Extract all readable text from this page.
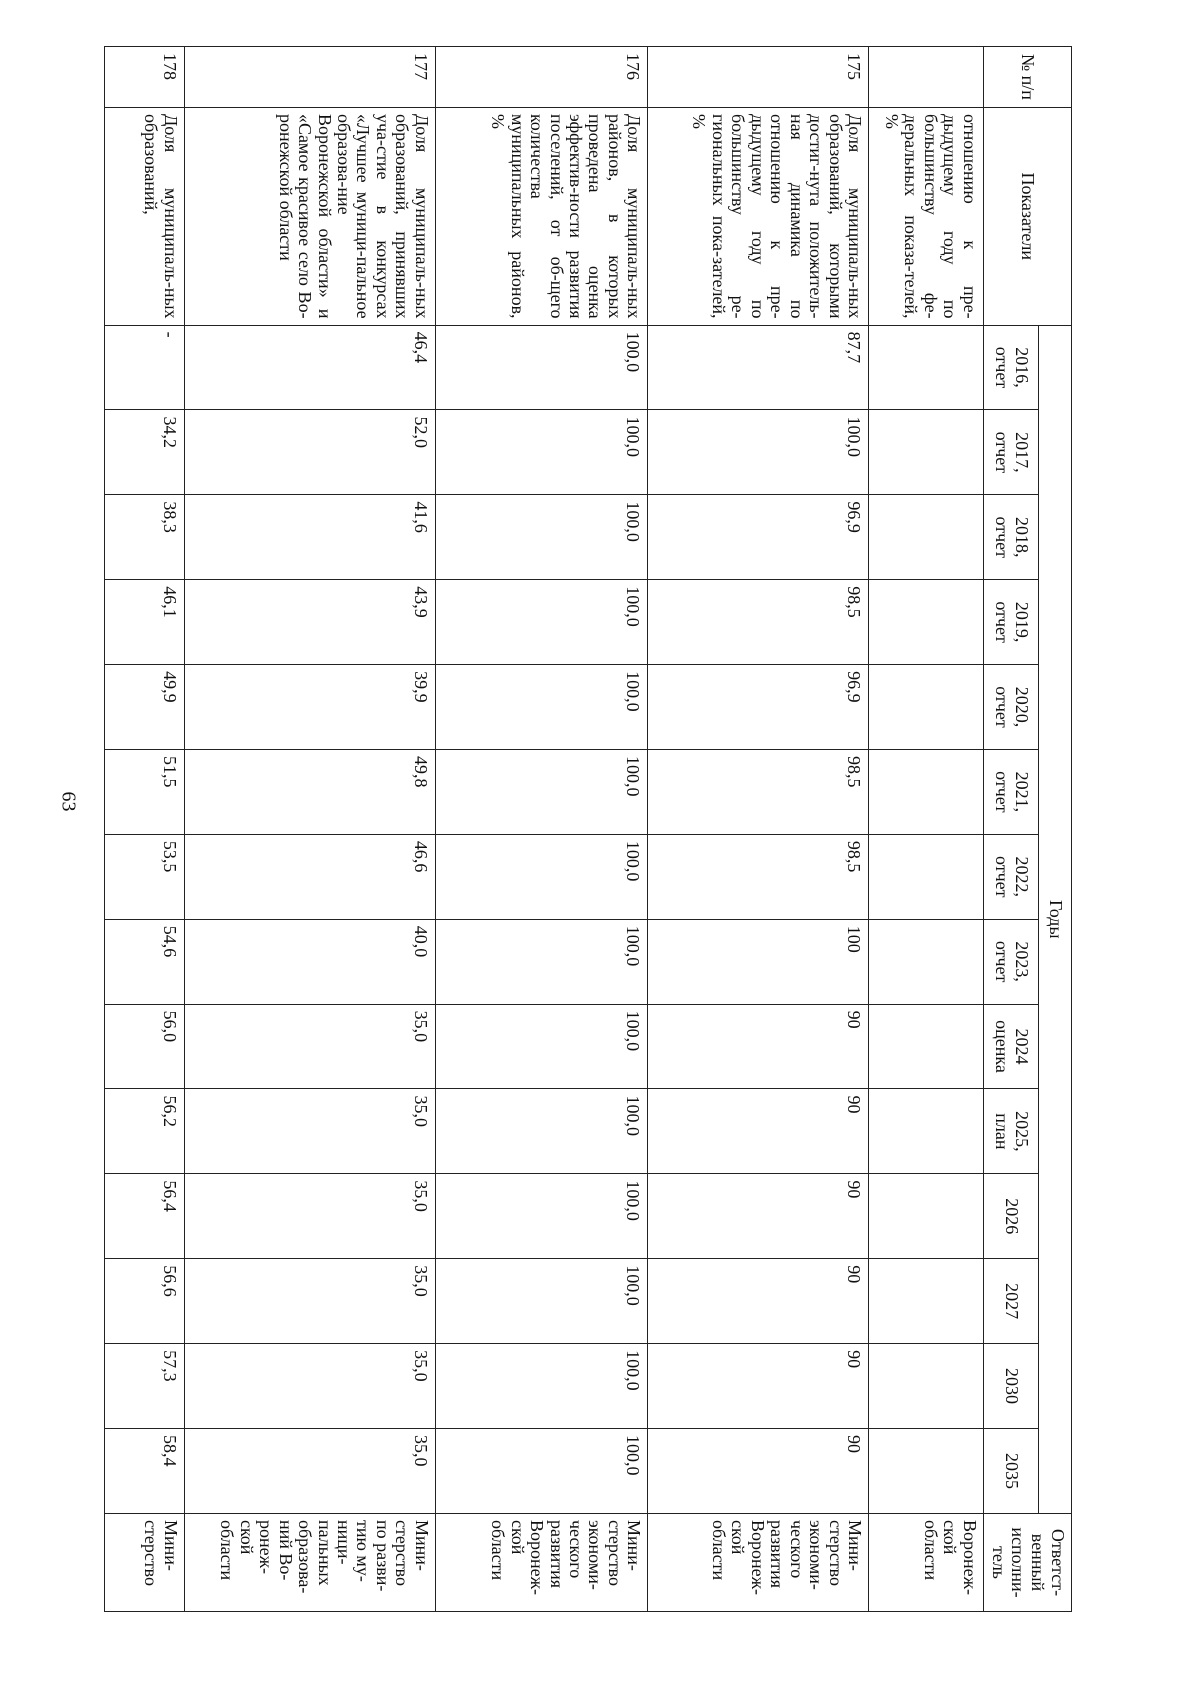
63
№ п/п	Показатели	Годы														Ответст-венный исполни-тель
		2016, отчет	2017, отчет	2018, отчет	2019, отчет	2020, отчет	2021, отчет	2022, отчет	2023, отчет	2024 оценка	2025, план	2026	2027	2030	2035	
	отношению к пре-дыдущему году по большинству фе-деральных показа-телей, %															Воронеж-ской области
175	Доля муниципаль-ных образований, которыми достиг-нута положитель-ная динамика по отношению к пре-дыдущему году по большинству ре-гиональных пока-зателей, %	87,7	100,0	96,9	98,5	96,9	98,5	98,5	100	90	90	90	90	90	90	Мини-стерство экономи-ческого развития Воронеж-ской области
176	Доля муниципаль-ных районов, в которых проведена оценка эффектив-ности развития поселений, от об-щего количества муниципальных районов, %	100,0	100,0	100,0	100,0	100,0	100,0	100,0	100,0	100,0	100,0	100,0	100,0	100,0	100,0	Мини-стерство экономи-ческого развития Воронеж-ской области
177	Доля муниципаль-ных образований, принявших уча-стие в конкурсах «Лучшее муници-пальное образова-ние Воронежской области» и «Самое красивое село Во-ронежской области	46,4	52,0	41,6	43,9	39,9	49,8	46,6	40,0	35,0	35,0	35,0	35,0	35,0	35,0	Мини-стерство по разви-тию му-ници-пальных образова-ний Во-ронеж-ской области
178	Доля муниципаль-ных образований,	-	34,2	38,3	46,1	49,9	51,5	53,5	54,6	56,0	56,2	56,4	56,6	57,3	58,4	Мини-стерство
